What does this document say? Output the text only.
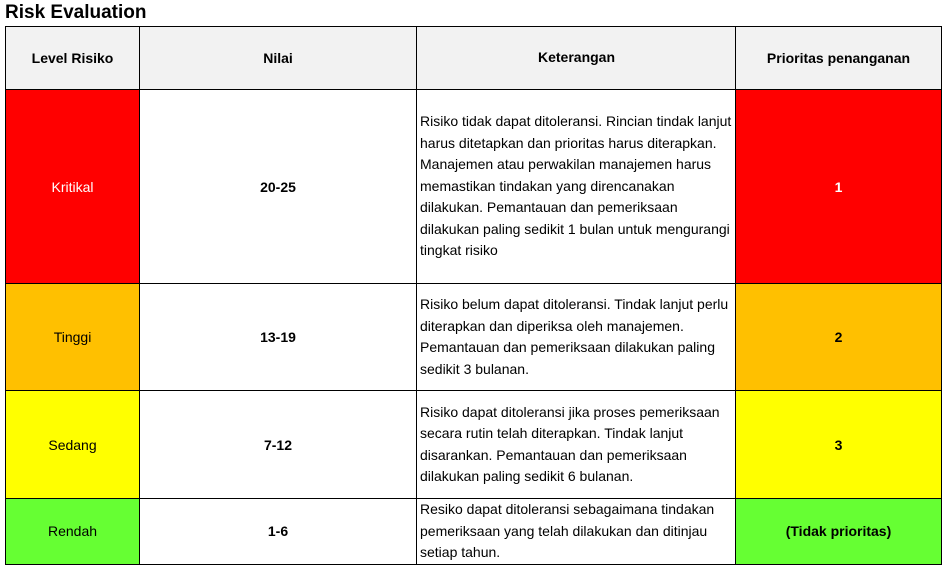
Risk Evaluation
Level Risiko	Nilai	Keterangan	Prioritas penanganan
Kritikal	20-25	Risiko tidak dapat ditoleransi. Rincian tindak lanjut harus ditetapkan dan prioritas harus diterapkan. Manajemen atau perwakilan manajemen harus memastikan tindakan yang direncanakan dilakukan. Pemantauan dan pemeriksaan dilakukan paling sedikit 1 bulan untuk mengurangi tingkat risiko	1
Tinggi	13-19	Risiko belum dapat ditoleransi. Tindak lanjut perlu diterapkan dan diperiksa oleh manajemen. Pemantauan dan pemeriksaan dilakukan paling sedikit 3 bulanan.	2
Sedang	7-12	Risiko dapat ditoleransi jika proses pemeriksaan secara rutin telah diterapkan. Tindak lanjut disarankan. Pemantauan dan pemeriksaan dilakukan paling sedikit 6 bulanan.	3
Rendah	1-6	Resiko dapat ditoleransi sebagaimana tindakan pemeriksaan yang telah dilakukan dan ditinjau setiap tahun.	(Tidak prioritas)
